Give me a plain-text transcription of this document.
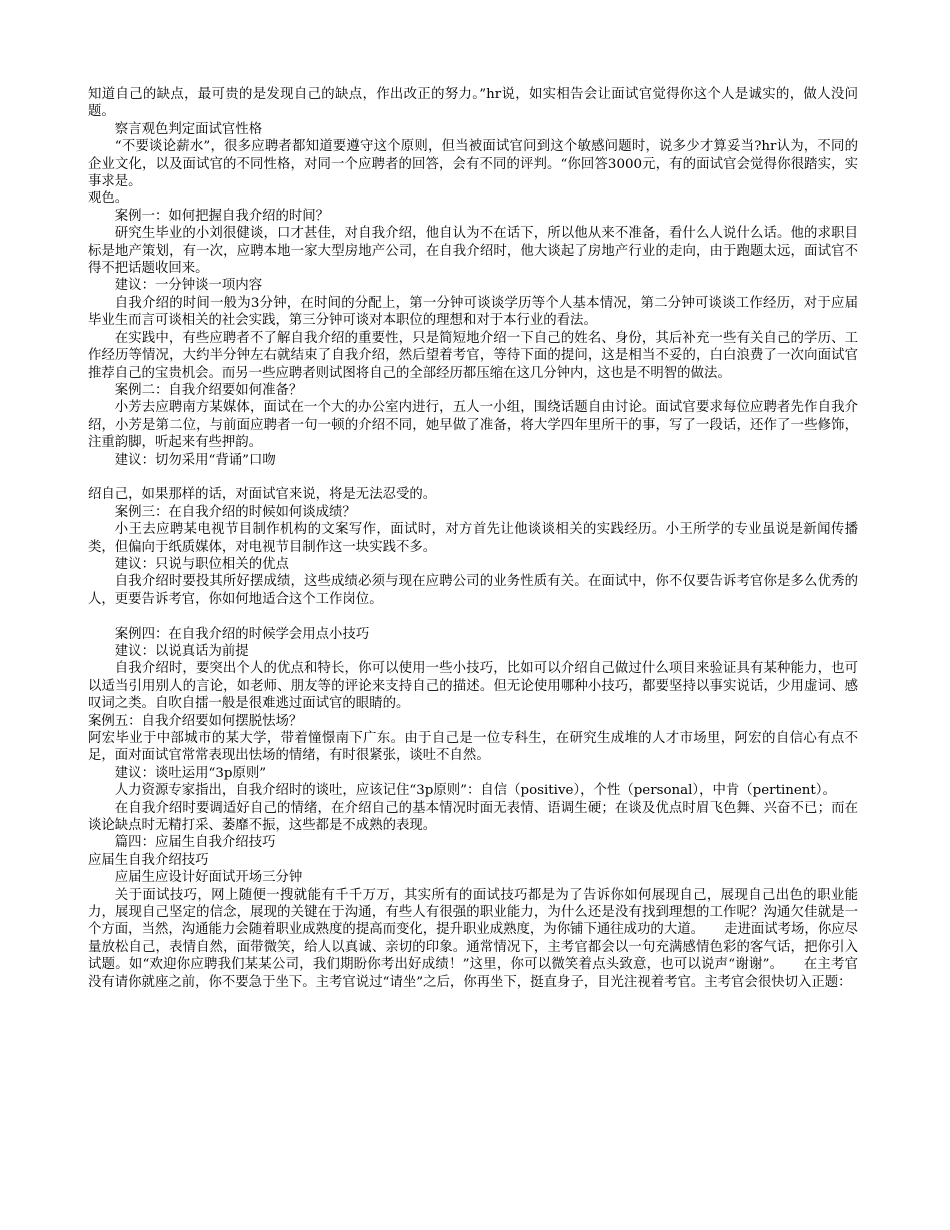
知道自己的缺点，最可贵的是发现自己的缺点，作出改正的努力。”hr说，如实相告会让面试官觉得你这个人是诚实的，做人没问题。

察言观色判定面试官性格

“不要谈论薪水”，很多应聘者都知道要遵守这个原则，但当被面试官问到这个敏感问题时，说多少才算妥当?hr认为，不同的企业文化，以及面试官的不同性格，对同一个应聘者的回答，会有不同的评判。“你回答3000元，有的面试官会觉得你很踏实，实事求是。

观色。

案例一：如何把握自我介绍的时间？

研究生毕业的小刘很健谈，口才甚佳，对自我介绍，他自认为不在话下，所以他从来不准备，看什么人说什么话。他的求职目标是地产策划，有一次，应聘本地一家大型房地产公司，在自我介绍时，他大谈起了房地产行业的走向，由于跑题太远，面试官不得不把话题收回来。

建议：一分钟谈一项内容

自我介绍的时间一般为3分钟，在时间的分配上，第一分钟可谈谈学历等个人基本情况，第二分钟可谈谈工作经历，对于应届毕业生而言可谈相关的社会实践，第三分钟可谈对本职位的理想和对于本行业的看法。

在实践中，有些应聘者不了解自我介绍的重要性，只是简短地介绍一下自己的姓名、身份，其后补充一些有关自己的学历、工作经历等情况，大约半分钟左右就结束了自我介绍，然后望着考官，等待下面的提问，这是相当不妥的，白白浪费了一次向面试官推荐自己的宝贵机会。而另一些应聘者则试图将自己的全部经历都压缩在这几分钟内，这也是不明智的做法。

案例二：自我介绍要如何准备？

小芳去应聘南方某媒体，面试在一个大的办公室内进行，五人一小组，围绕话题自由讨论。面试官要求每位应聘者先作自我介绍，小芳是第二位，与前面应聘者一句一顿的介绍不同，她早做了准备，将大学四年里所干的事，写了一段话，还作了一些修饰，注重韵脚，听起来有些押韵。

建议：切勿采用“背诵”口吻

绍自己，如果那样的话，对面试官来说，将是无法忍受的。

案例三：在自我介绍的时候如何谈成绩？

小王去应聘某电视节目制作机构的文案写作，面试时，对方首先让他谈谈相关的实践经历。小王所学的专业虽说是新闻传播类，但偏向于纸质媒体，对电视节目制作这一块实践不多。

建议：只说与职位相关的优点

自我介绍时要投其所好摆成绩，这些成绩必须与现在应聘公司的业务性质有关。在面试中，你不仅要告诉考官你是多么优秀的人，更要告诉考官，你如何地适合这个工作岗位。

案例四：在自我介绍的时候学会用点小技巧

建议：以说真话为前提

自我介绍时，要突出个人的优点和特长，你可以使用一些小技巧，比如可以介绍自己做过什么项目来验证具有某种能力，也可以适当引用别人的言论，如老师、朋友等的评论来支持自己的描述。但无论使用哪种小技巧，都要坚持以事实说话，少用虚词、感叹词之类。自吹自擂一般是很难逃过面试官的眼睛的。

案例五：自我介绍要如何摆脱怯场？

阿宏毕业于中部城市的某大学，带着憧憬南下广东。由于自己是一位专科生，在研究生成堆的人才市场里，阿宏的自信心有点不足，面对面试官常常表现出怯场的情绪，有时很紧张，谈吐不自然。

建议：谈吐运用“3p原则”

人力资源专家指出，自我介绍时的谈吐，应该记住“3p原则”：自信（positive），个性（personal），中肯（pertinent）。

在自我介绍时要调适好自己的情绪，在介绍自己的基本情况时面无表情、语调生硬；在谈及优点时眉飞色舞、兴奋不已；而在谈论缺点时无精打采、萎靡不振，这些都是不成熟的表现。

篇四：应届生自我介绍技巧

应届生自我介绍技巧

应届生应设计好面试开场三分钟

关于面试技巧，网上随便一搜就能有千千万万，其实所有的面试技巧都是为了告诉你如何展现自己，展现自己出色的职业能力，展现自己坚定的信念，展现的关键在于沟通，有些人有很强的职业能力，为什么还是没有找到理想的工作呢？沟通欠佳就是一个方面，当然，沟通能力会随着职业成熟度的提高而变化，提升职业成熟度，为你铺下通往成功的大道。　　走进面试考场，你应尽量放松自己，表情自然，面带微笑，给人以真诚、亲切的印象。通常情况下，主考官都会以一句充满感情色彩的客气话，把你引入试题。如“欢迎你应聘我们某某公司，我们期盼你考出好成绩！”这里，你可以微笑着点头致意，也可以说声“谢谢”。　　在主考官没有请你就座之前，你不要急于坐下。主考官说过“请坐”之后，你再坐下，挺直身子，目光注视着考官。主考官会很快切入正题：
